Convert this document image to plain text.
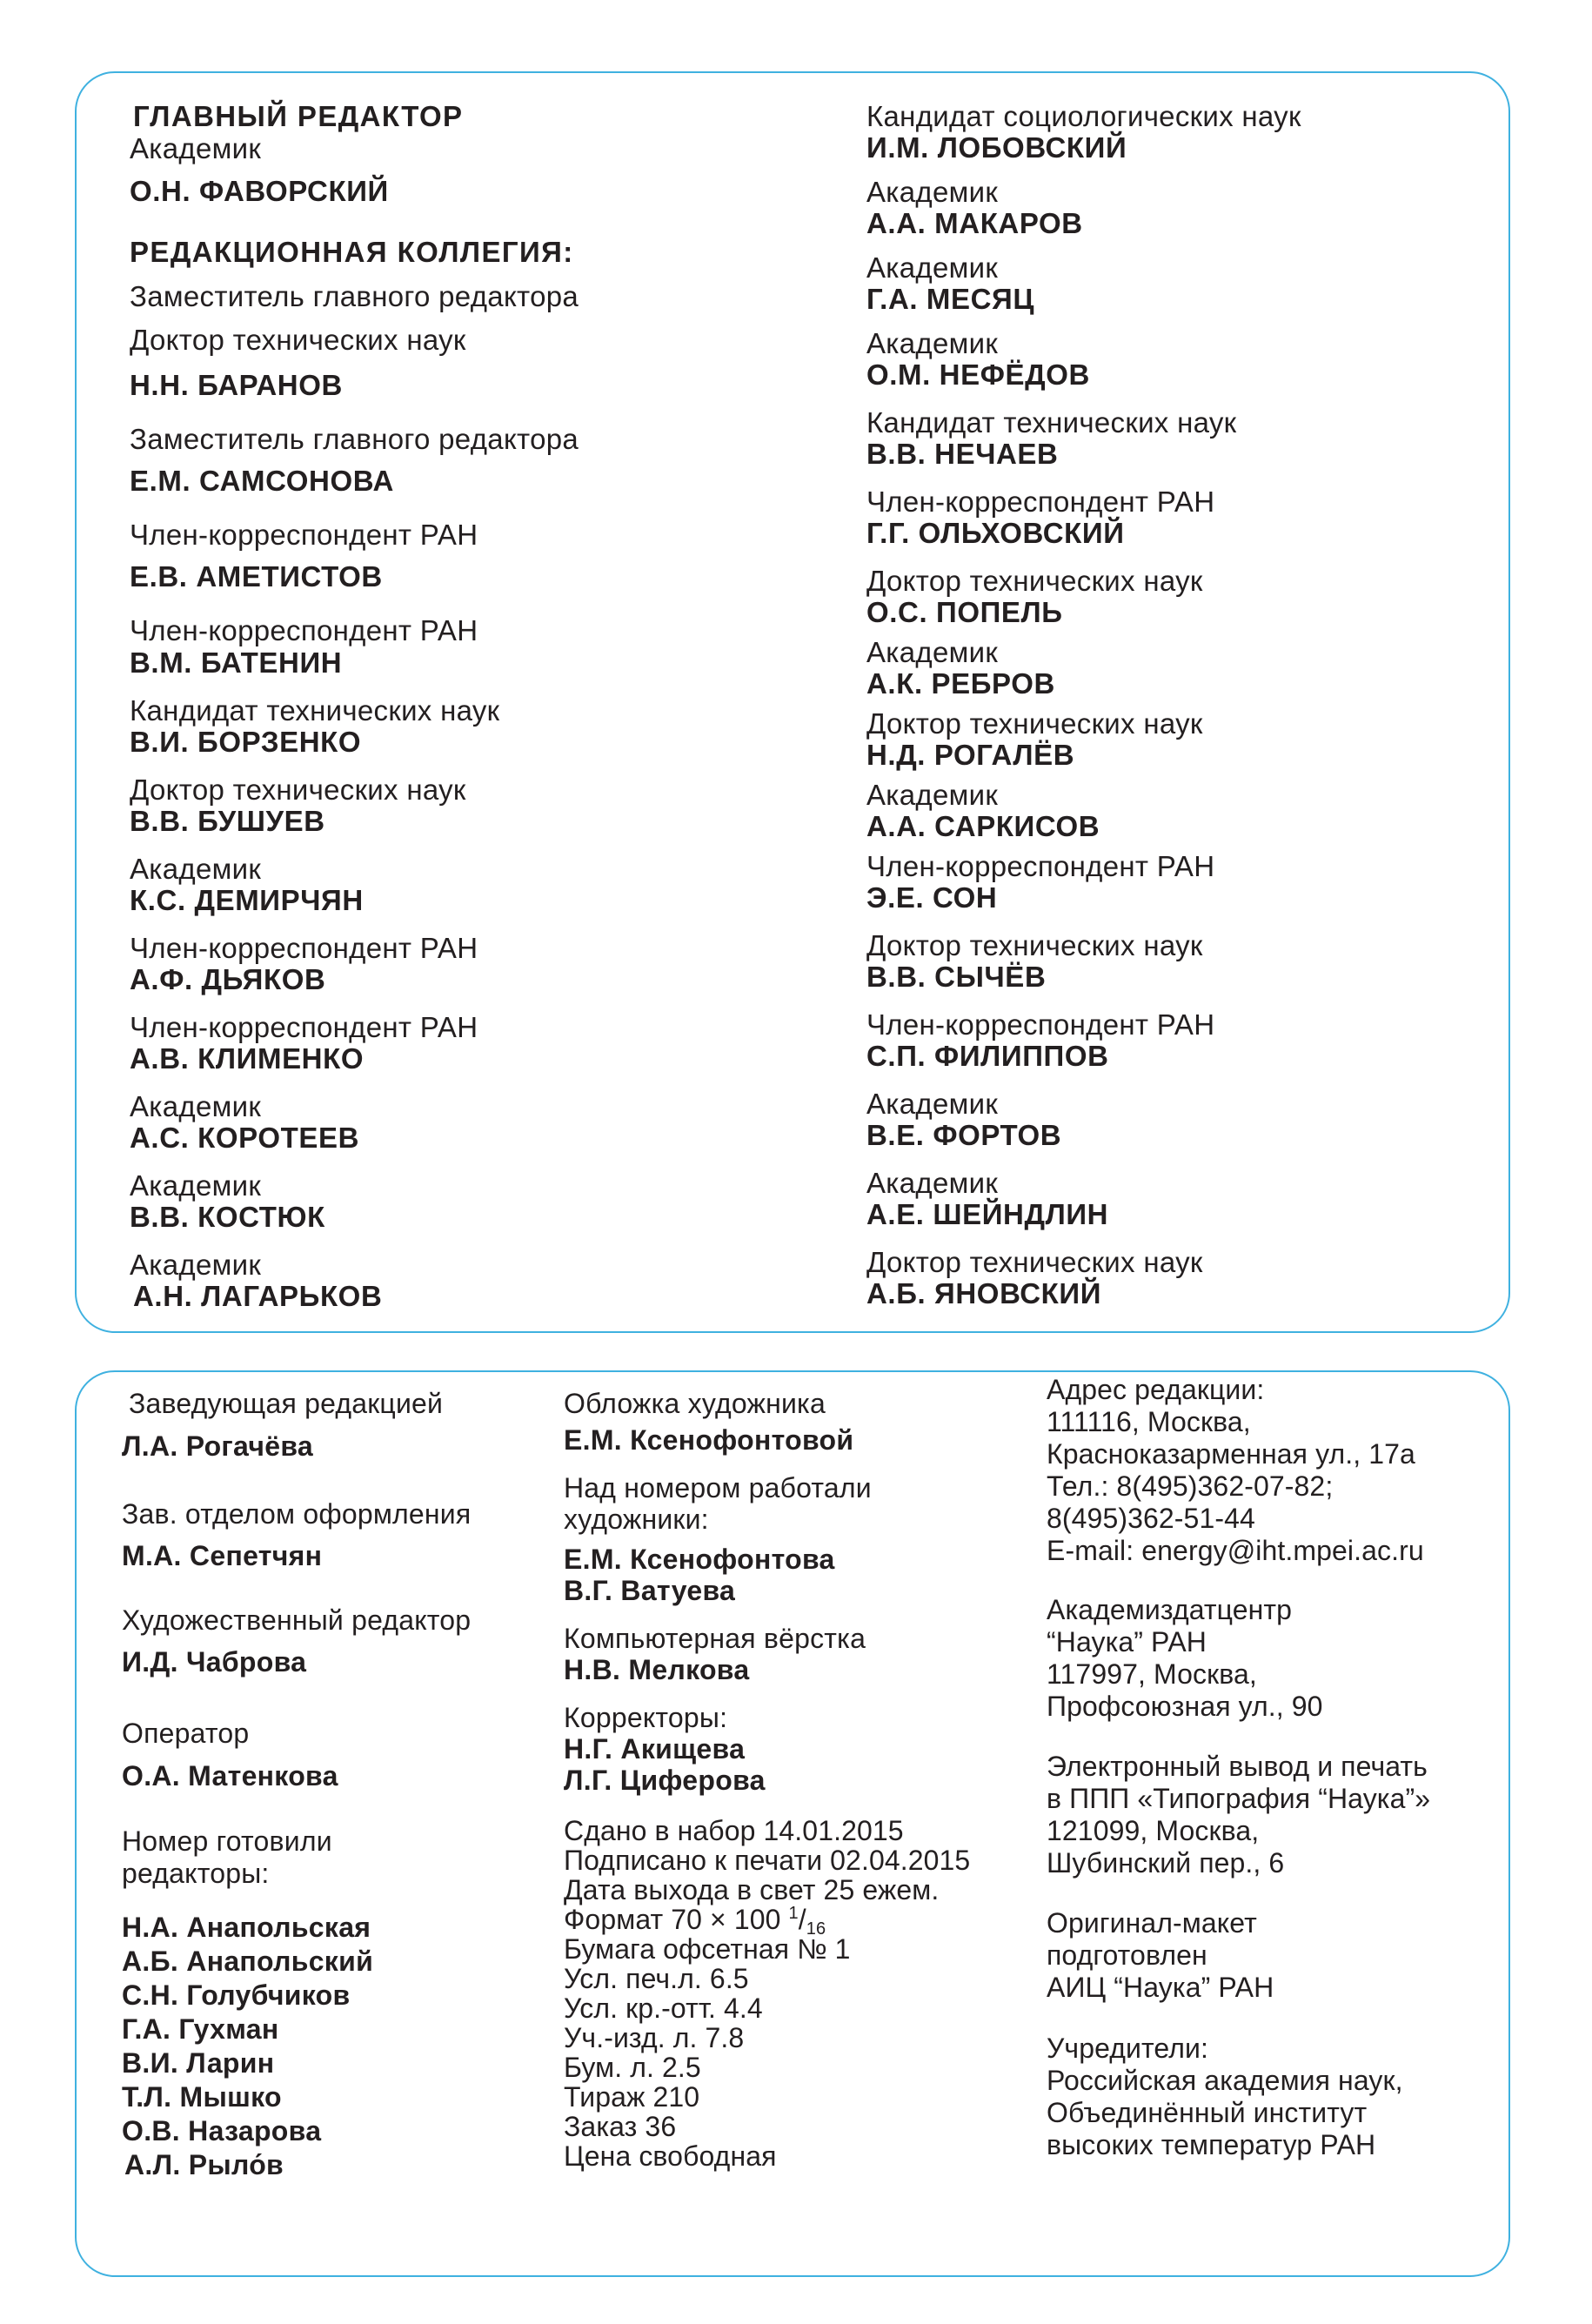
ГЛАВНЫЙ РЕДАКТОР
Академик
О.Н. ФАВОРСКИЙ
РЕДАКЦИОННАЯ КОЛЛЕГИЯ:
Заместитель главного редактора
Доктор технических наук
Н.Н. БАРАНОВ
Заместитель главного редактора
Е.М. САМСОНОВА
Член-корреспондент РАН
Е.В. АМЕТИСТОВ
Член-корреспондент РАН
В.М. БАТЕНИН
Кандидат технических наук
В.И. БОРЗЕНКО
Доктор технических наук
В.В. БУШУЕВ
Академик
К.С. ДЕМИРЧЯН
Член-корреспондент РАН
А.Ф. ДЬЯКОВ
Член-корреспондент РАН
А.В. КЛИМЕНКО
Академик
А.С. КОРОТЕЕВ
Академик
В.В. КОСТЮК
Академик
А.Н. ЛАГАРЬКОВ
Кандидат социологических наук
И.М. ЛОБОВСКИЙ
Академик
А.А. МАКАРОВ
Академик
Г.А. МЕСЯЦ
Академик
О.М. НЕФЁДОВ
Кандидат технических наук
В.В. НЕЧАЕВ
Член-корреспондент РАН
Г.Г. ОЛЬХОВСКИЙ
Доктор технических наук
О.С. ПОПЕЛЬ
Академик
А.К. РЕБРОВ
Доктор технических наук
Н.Д. РОГАЛЁВ
Академик
А.А. САРКИСОВ
Член-корреспондент РАН
Э.Е. СОН
Доктор технических наук
В.В. СЫЧЁВ
Член-корреспондент РАН
С.П. ФИЛИППОВ
Академик
В.Е. ФОРТОВ
Академик
А.Е. ШЕЙНДЛИН
Доктор технических наук
А.Б. ЯНОВСКИЙ
Заведующая редакцией
Л.А. Рогачёва
Зав. отделом оформления
М.А. Сепетчян
Художественный редактор
И.Д. Чаброва
Оператор
О.А. Матенкова
Номер готовили
редакторы:
Н.А. Анапольская
А.Б. Анапольский
С.Н. Голубчиков
Г.А. Гухман
В.И. Ларин
Т.Л. Мышко
О.В. Назарова
А.Л. Рыло́в
Обложка художника
Е.М. Ксенофонтовой
Над номером работали
художники:
Е.М. Ксенофонтова
В.Г. Ватуева
Компьютерная вёрстка
Н.В. Мелкова
Корректоры:
Н.Г. Акищева
Л.Г. Циферова
Сдано в набор 14.01.2015
Подписано к печати 02.04.2015
Дата выхода в свет 25 ежем.
Формат 70 × 100 $^1/_{16}$
Бумага офсетная № 1
Усл. печ.л. 6.5
Усл. кр.-отт. 4.4
Уч.-изд. л. 7.8
Бум. л. 2.5
Тираж 210
Заказ 36
Цена свободная
Адрес редакции:
111116, Москва,
Красноказарменная ул., 17а
Тел.: 8(495)362-07-82;
8(495)362-51-44
E-mail: energy@iht.mpei.ac.ru
Академиздатцентр
“Наука” РАН
117997, Москва,
Профсоюзная ул., 90
Электронный вывод и печать
в ППП «Типография “Наука”»
121099, Москва,
Шубинский пер., 6
Оригинал-макет
подготовлен
АИЦ “Наука” РАН
Учредители:
Российская академия наук,
Объединённый институт
высоких температур РАН
